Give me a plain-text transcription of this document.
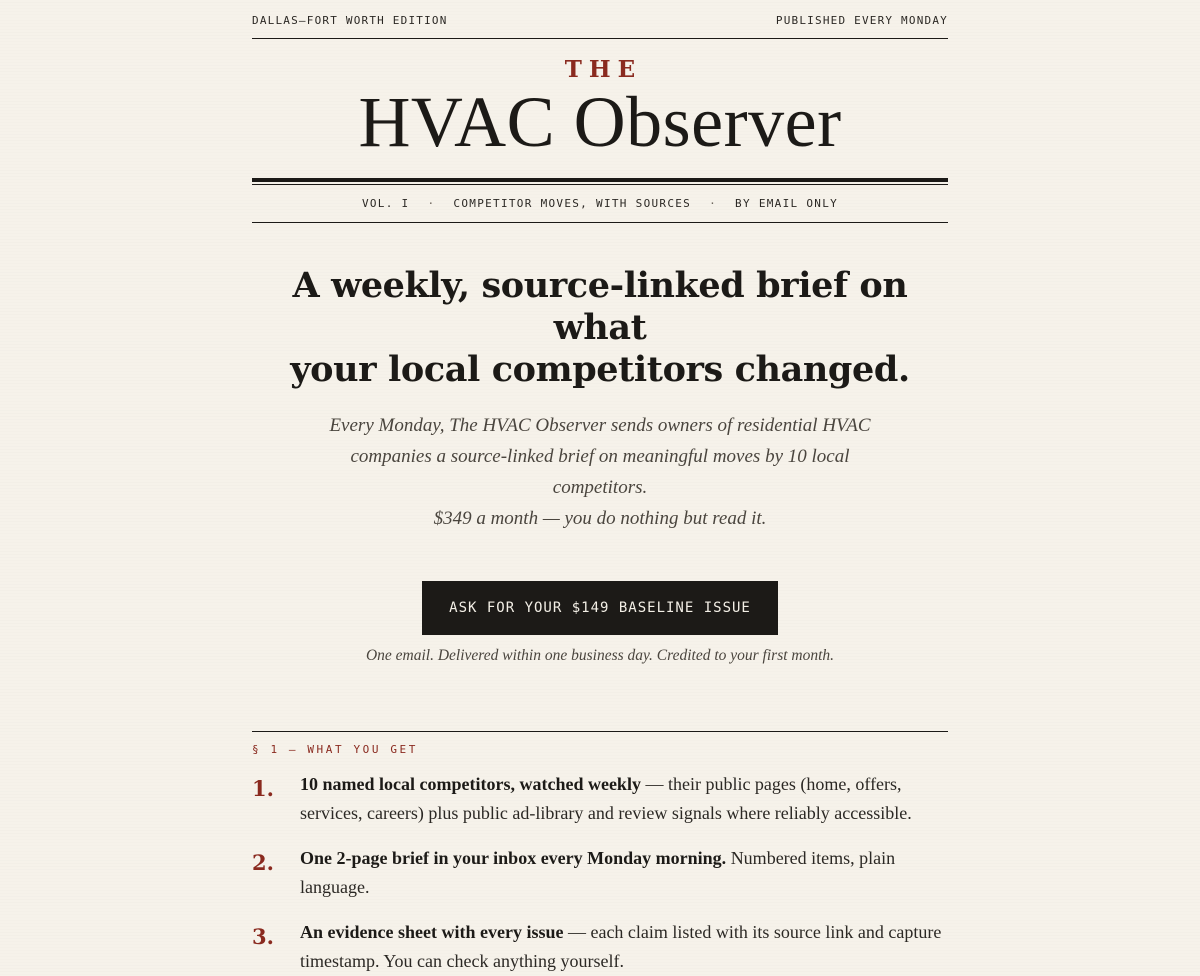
DALLAS–FORT WORTH EDITION	PUBLISHED EVERY MONDAY
THE
HVAC Observer
VOL. I · COMPETITOR MOVES, WITH SOURCES · BY EMAIL ONLY
A weekly, source-linked brief on what
your local competitors changed.

Every Monday, The HVAC Observer sends owners of residential HVAC
companies a source-linked brief on meaningful moves by 10 local competitors.
$349 a month — you do nothing but read it.

ASK FOR YOUR $149 BASELINE ISSUE

One email. Delivered within one business day. Credited to your first month.

§ 1 — WHAT YOU GET
1.	10 named local competitors, watched weekly — their public pages (home, offers, services, careers) plus public ad-library and review signals where reliably accessible.
2.	One 2-page brief in your inbox every Monday morning. Numbered items, plain language.
3.	An evidence sheet with every issue — each claim listed with its source link and capture timestamp. You can check anything yourself.
